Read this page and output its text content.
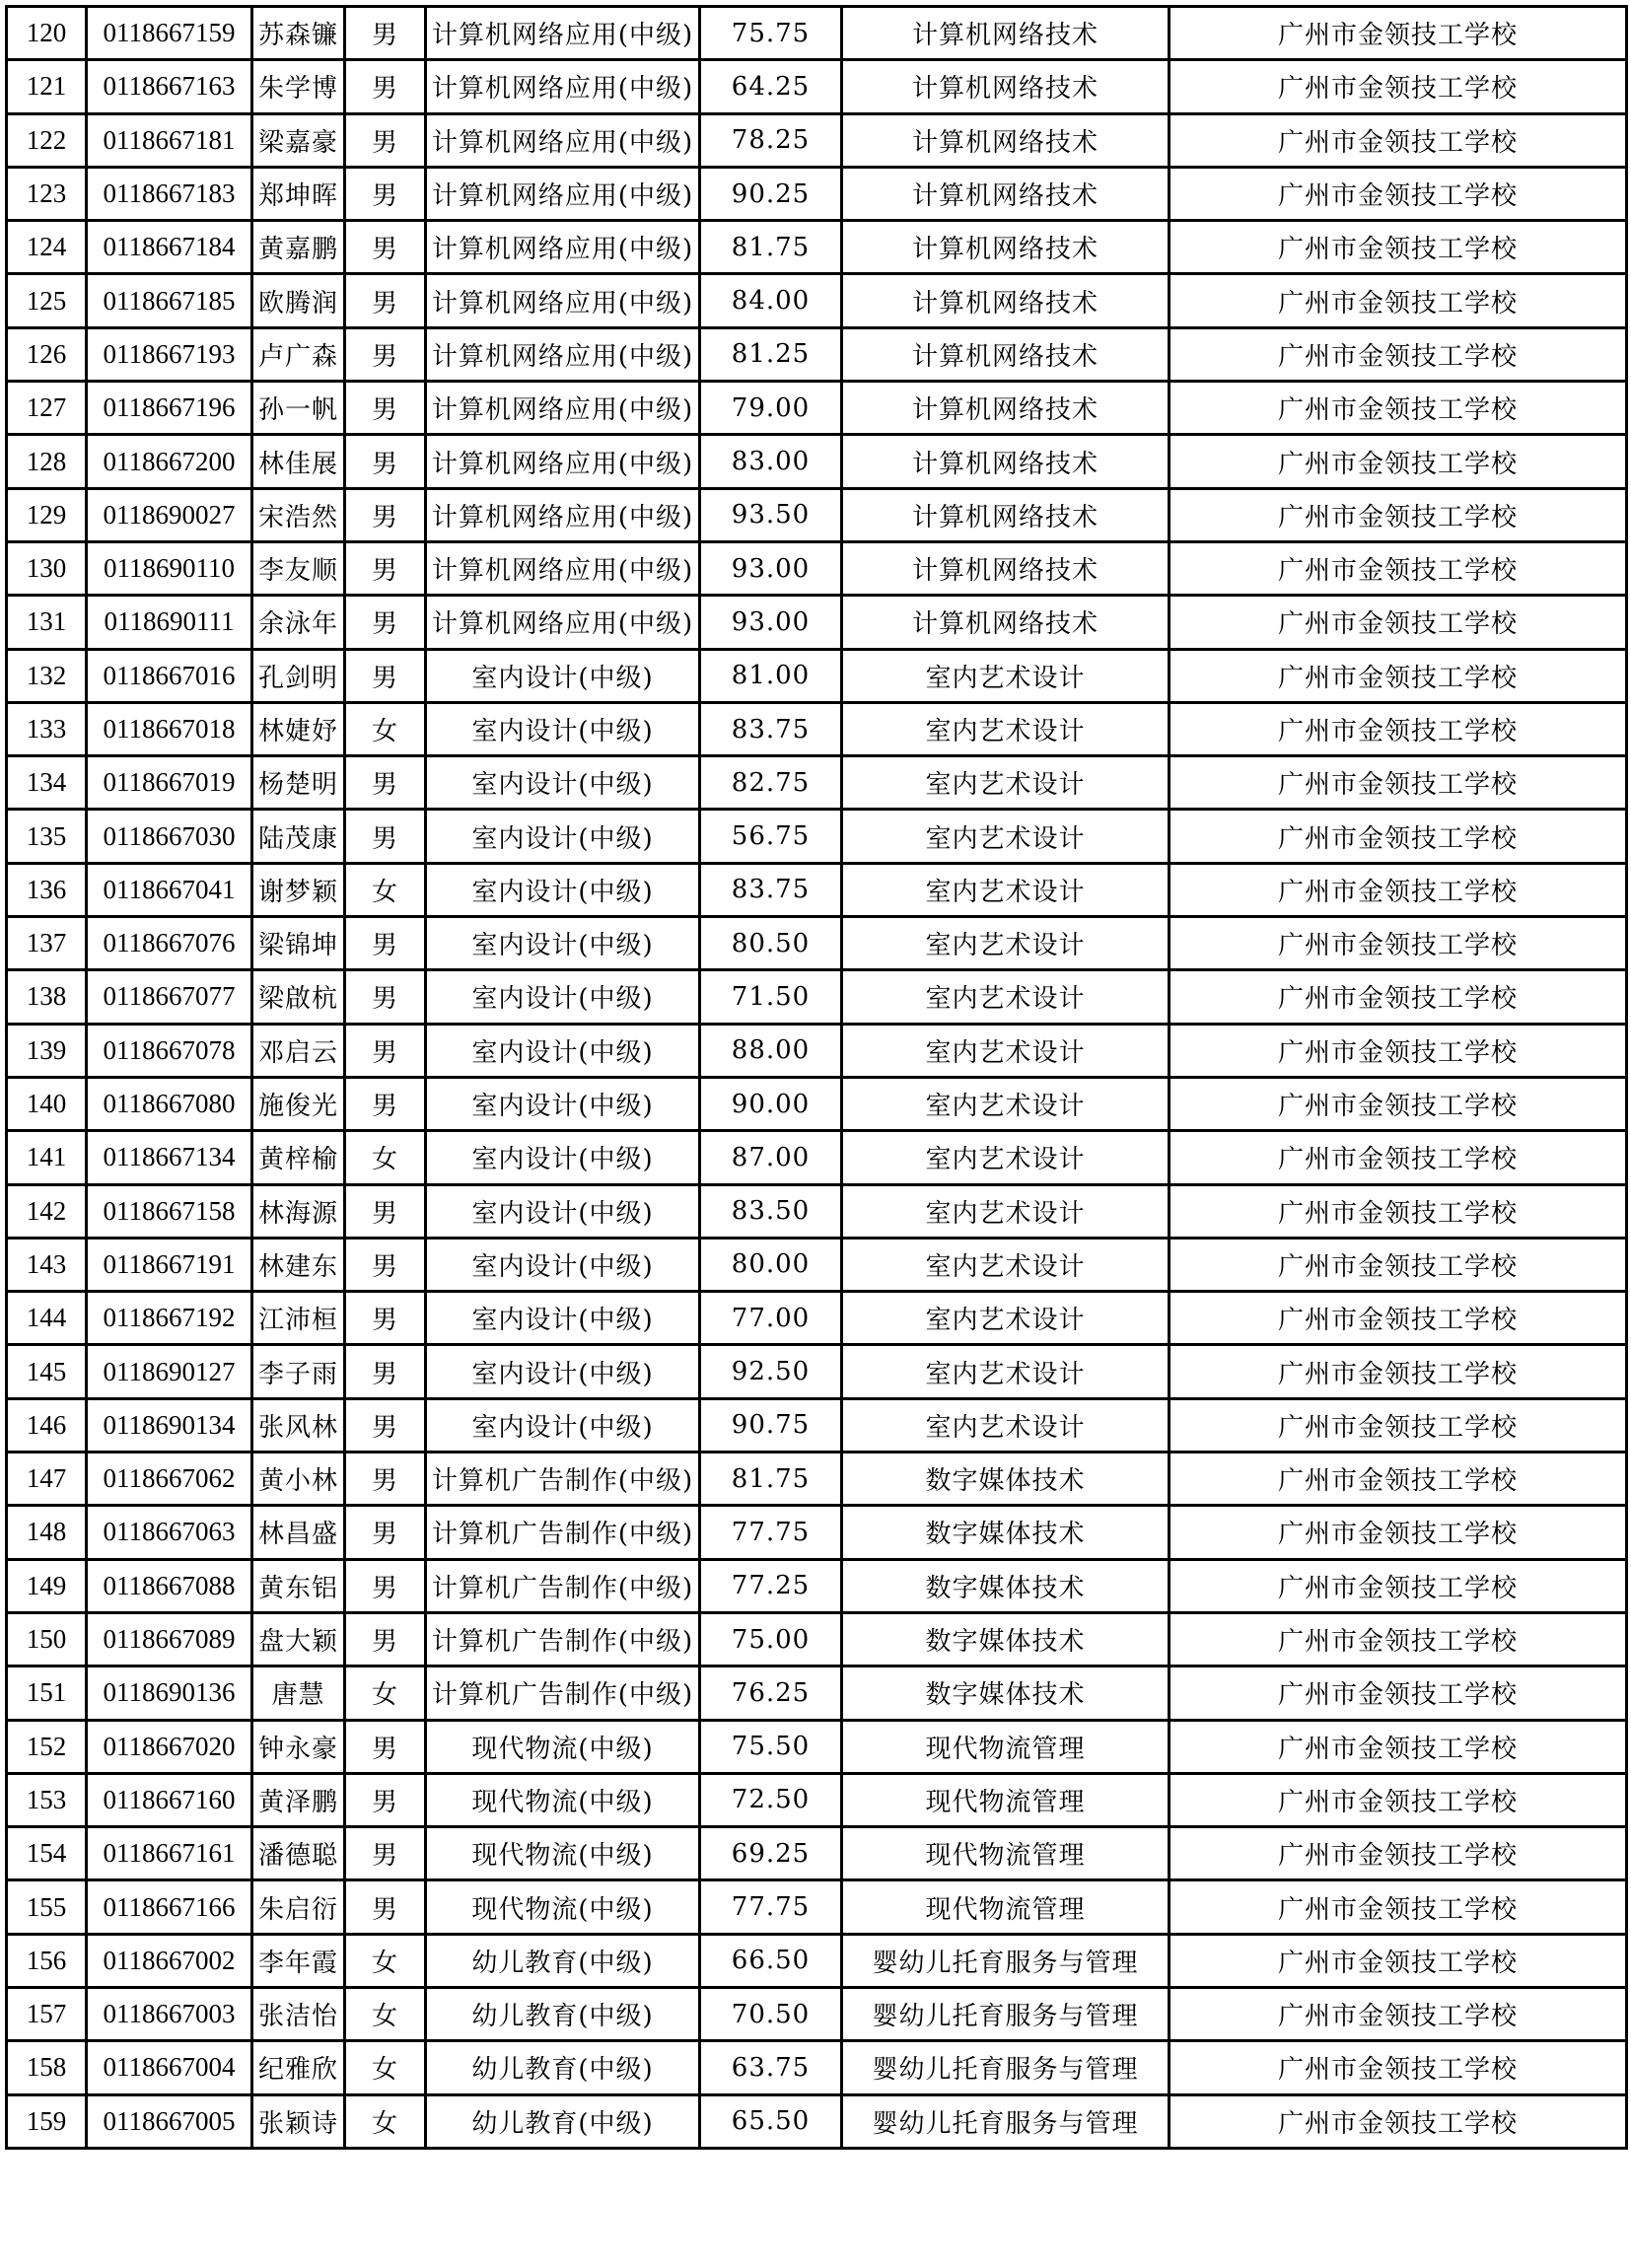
120	0118667159	苏森镰	男	计算机网络应用(中级)	75.75	计算机网络技术	广州市金领技工学校
121	0118667163	朱学博	男	计算机网络应用(中级)	64.25	计算机网络技术	广州市金领技工学校
122	0118667181	梁嘉豪	男	计算机网络应用(中级)	78.25	计算机网络技术	广州市金领技工学校
123	0118667183	郑坤晖	男	计算机网络应用(中级)	90.25	计算机网络技术	广州市金领技工学校
124	0118667184	黄嘉鹏	男	计算机网络应用(中级)	81.75	计算机网络技术	广州市金领技工学校
125	0118667185	欧腾润	男	计算机网络应用(中级)	84.00	计算机网络技术	广州市金领技工学校
126	0118667193	卢广森	男	计算机网络应用(中级)	81.25	计算机网络技术	广州市金领技工学校
127	0118667196	孙一帆	男	计算机网络应用(中级)	79.00	计算机网络技术	广州市金领技工学校
128	0118667200	林佳展	男	计算机网络应用(中级)	83.00	计算机网络技术	广州市金领技工学校
129	0118690027	宋浩然	男	计算机网络应用(中级)	93.50	计算机网络技术	广州市金领技工学校
130	0118690110	李友顺	男	计算机网络应用(中级)	93.00	计算机网络技术	广州市金领技工学校
131	0118690111	余泳年	男	计算机网络应用(中级)	93.00	计算机网络技术	广州市金领技工学校
132	0118667016	孔剑明	男	室内设计(中级)	81.00	室内艺术设计	广州市金领技工学校
133	0118667018	林婕妤	女	室内设计(中级)	83.75	室内艺术设计	广州市金领技工学校
134	0118667019	杨楚明	男	室内设计(中级)	82.75	室内艺术设计	广州市金领技工学校
135	0118667030	陆茂康	男	室内设计(中级)	56.75	室内艺术设计	广州市金领技工学校
136	0118667041	谢梦颖	女	室内设计(中级)	83.75	室内艺术设计	广州市金领技工学校
137	0118667076	梁锦坤	男	室内设计(中级)	80.50	室内艺术设计	广州市金领技工学校
138	0118667077	梁啟杭	男	室内设计(中级)	71.50	室内艺术设计	广州市金领技工学校
139	0118667078	邓启云	男	室内设计(中级)	88.00	室内艺术设计	广州市金领技工学校
140	0118667080	施俊光	男	室内设计(中级)	90.00	室内艺术设计	广州市金领技工学校
141	0118667134	黄梓榆	女	室内设计(中级)	87.00	室内艺术设计	广州市金领技工学校
142	0118667158	林海源	男	室内设计(中级)	83.50	室内艺术设计	广州市金领技工学校
143	0118667191	林建东	男	室内设计(中级)	80.00	室内艺术设计	广州市金领技工学校
144	0118667192	江沛桓	男	室内设计(中级)	77.00	室内艺术设计	广州市金领技工学校
145	0118690127	李子雨	男	室内设计(中级)	92.50	室内艺术设计	广州市金领技工学校
146	0118690134	张风林	男	室内设计(中级)	90.75	室内艺术设计	广州市金领技工学校
147	0118667062	黄小林	男	计算机广告制作(中级)	81.75	数字媒体技术	广州市金领技工学校
148	0118667063	林昌盛	男	计算机广告制作(中级)	77.75	数字媒体技术	广州市金领技工学校
149	0118667088	黄东铝	男	计算机广告制作(中级)	77.25	数字媒体技术	广州市金领技工学校
150	0118667089	盘大颖	男	计算机广告制作(中级)	75.00	数字媒体技术	广州市金领技工学校
151	0118690136	唐慧	女	计算机广告制作(中级)	76.25	数字媒体技术	广州市金领技工学校
152	0118667020	钟永豪	男	现代物流(中级)	75.50	现代物流管理	广州市金领技工学校
153	0118667160	黄泽鹏	男	现代物流(中级)	72.50	现代物流管理	广州市金领技工学校
154	0118667161	潘德聪	男	现代物流(中级)	69.25	现代物流管理	广州市金领技工学校
155	0118667166	朱启衍	男	现代物流(中级)	77.75	现代物流管理	广州市金领技工学校
156	0118667002	李年霞	女	幼儿教育(中级)	66.50	婴幼儿托育服务与管理	广州市金领技工学校
157	0118667003	张洁怡	女	幼儿教育(中级)	70.50	婴幼儿托育服务与管理	广州市金领技工学校
158	0118667004	纪雅欣	女	幼儿教育(中级)	63.75	婴幼儿托育服务与管理	广州市金领技工学校
159	0118667005	张颖诗	女	幼儿教育(中级)	65.50	婴幼儿托育服务与管理	广州市金领技工学校
